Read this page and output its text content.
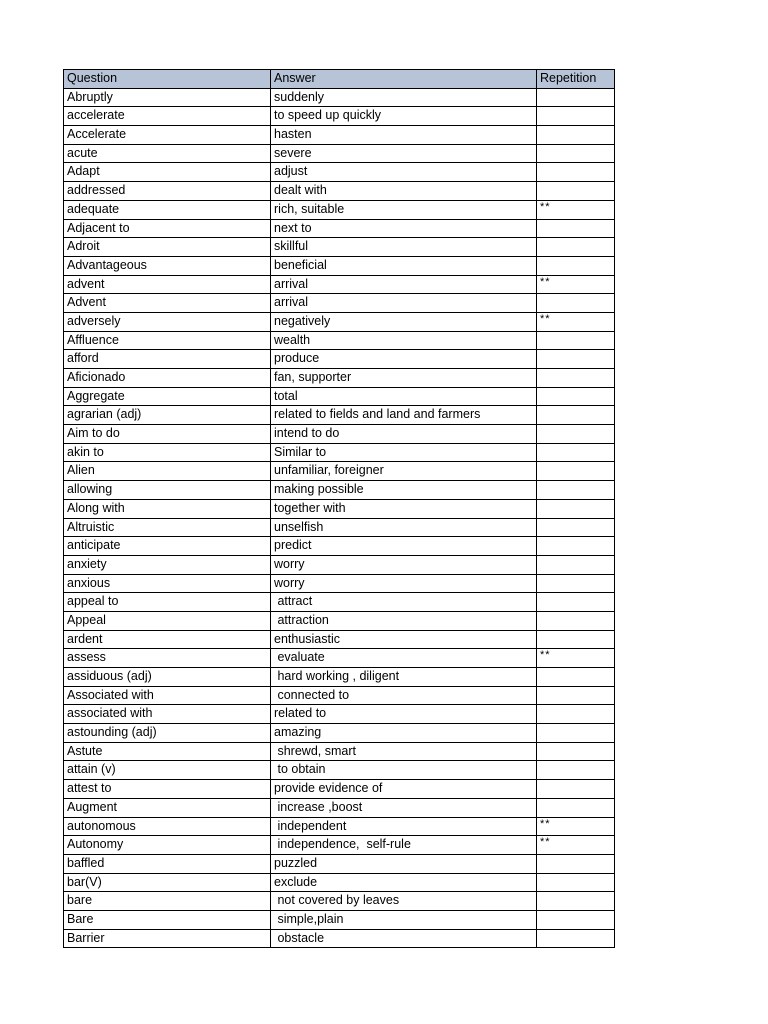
Question	Answer	Repetition
Abruptly	suddenly	
accelerate	to speed up quickly	
Accelerate	hasten	
acute	severe	
Adapt	adjust	
addressed	dealt with	
adequate	rich, suitable	**
Adjacent to	next to	
Adroit	skillful	
Advantageous	beneficial	
advent	arrival	**
Advent	arrival	
adversely	negatively	**
Affluence	wealth	
afford	produce	
Aficionado	fan, supporter	
Aggregate	total	
agrarian (adj)	related to fields and land and farmers	
Aim to do	intend to do	
akin to	Similar to	
Alien	unfamiliar, foreigner	
allowing	making possible	
Along with	together with	
Altruistic	unselfish	
anticipate	predict	
anxiety	worry	
anxious	worry	
appeal to	attract	
Appeal	attraction	
ardent	enthusiastic	
assess	evaluate	**
assiduous (adj)	hard working , diligent	
Associated with	connected to	
associated with	related to	
astounding (adj)	amazing	
Astute	shrewd, smart	
attain (v)	to obtain	
attest to	provide evidence of	
Augment	increase ,boost	
autonomous	independent	**
Autonomy	independence,  self-rule	**
baffled	puzzled	
bar(V)	exclude	
bare	not covered by leaves	
Bare	simple,plain	
Barrier	obstacle	
